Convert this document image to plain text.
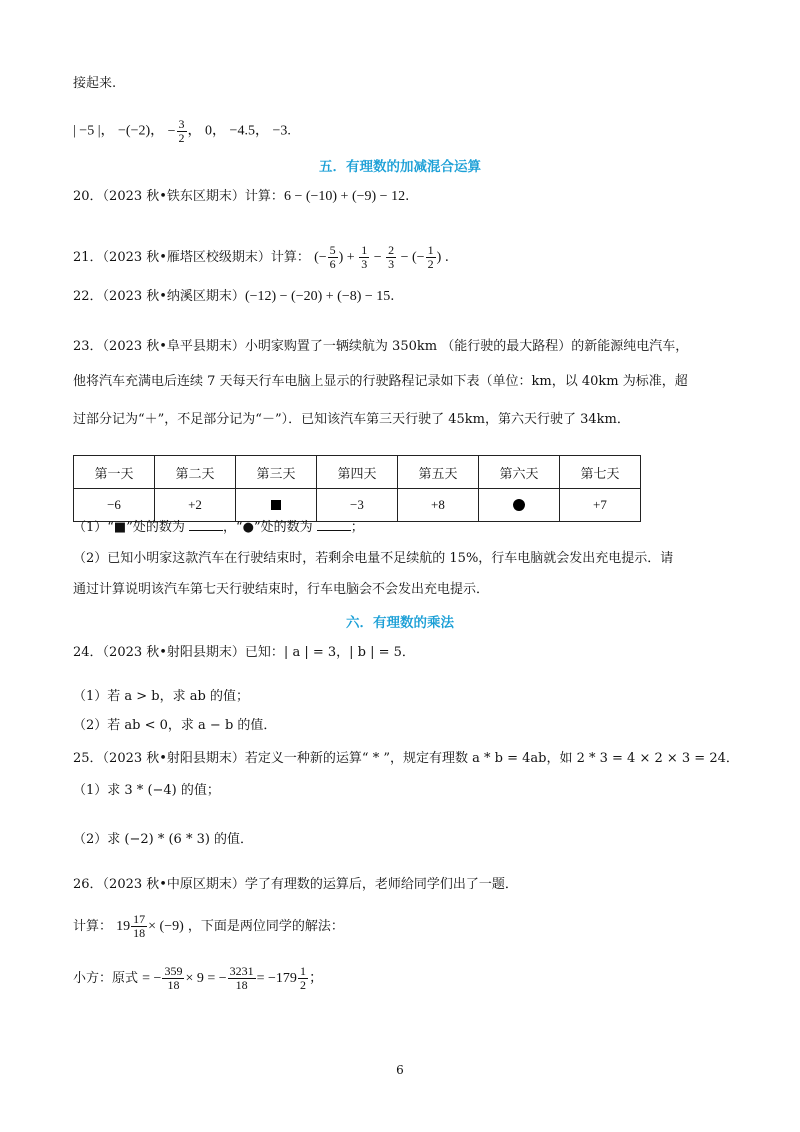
接起来.
| −5 |， −(−2)， − $\frac{3}{2}$ ， 0， −4.5， −3.
五．有理数的加减混合运算
20．（2023 秋•铁东区期末）计算：6 − (−10) + (−9) − 12.
21．（2023 秋•雁塔区校级期末）计算： (− $\frac{5}{6}$ ) + $\frac{1}{3} - \frac{2}{3}$ − (− $\frac{1}{2}$ ) .
22．（2023 秋•纳溪区期末）(−12) − (−20) + (−8) − 15.
23．（2023 秋•阜平县期末）小明家购置了一辆续航为 350km （能行驶的最大路程）的新能源纯电汽车，
他将汽车充满电后连续 7 天每天行车电脑上显示的行驶路程记录如下表（单位：km，以 40km 为标准，超
过部分记为“＋”，不足部分记为“－”）．已知该汽车第三天行驶了 45km，第六天行驶了 34km．
第一天	第二天	第三天	第四天	第五天	第六天	第七天
−6	+2		−3	+8		+7
（1）“■”处的数为	，“●”处的数为	；
（2）已知小明家这款汽车在行驶结束时，若剩余电量不足续航的 15%，行车电脑就会发出充电提示．请
通过计算说明该汽车第七天行驶结束时，行车电脑会不会发出充电提示．
六．有理数的乘法
24．（2023 秋•射阳县期末）已知：| a | = 3，| b | = 5．
（1）若 a > b，求 ab 的值；
（2）若 ab < 0，求 a − b 的值．
25．（2023 秋•射阳县期末）若定义一种新的运算“ * ”，规定有理数 a * b = 4ab，如 2 * 3 = 4 × 2 × 3 = 24．
（1）求 3 * (−4) 的值；
（2）求 (−2) * (6 * 3) 的值．
26．（2023 秋•中原区期末）学了有理数的运算后，老师给同学们出了一题．
计算： $19 \frac{17}{18} \times (-9)$ ，下面是两位同学的解法：
小方：原式 = − $\frac{359}{18} \times 9$ = − $\frac{3231}{18} = -179 \frac{1}{2}$ ；
6
